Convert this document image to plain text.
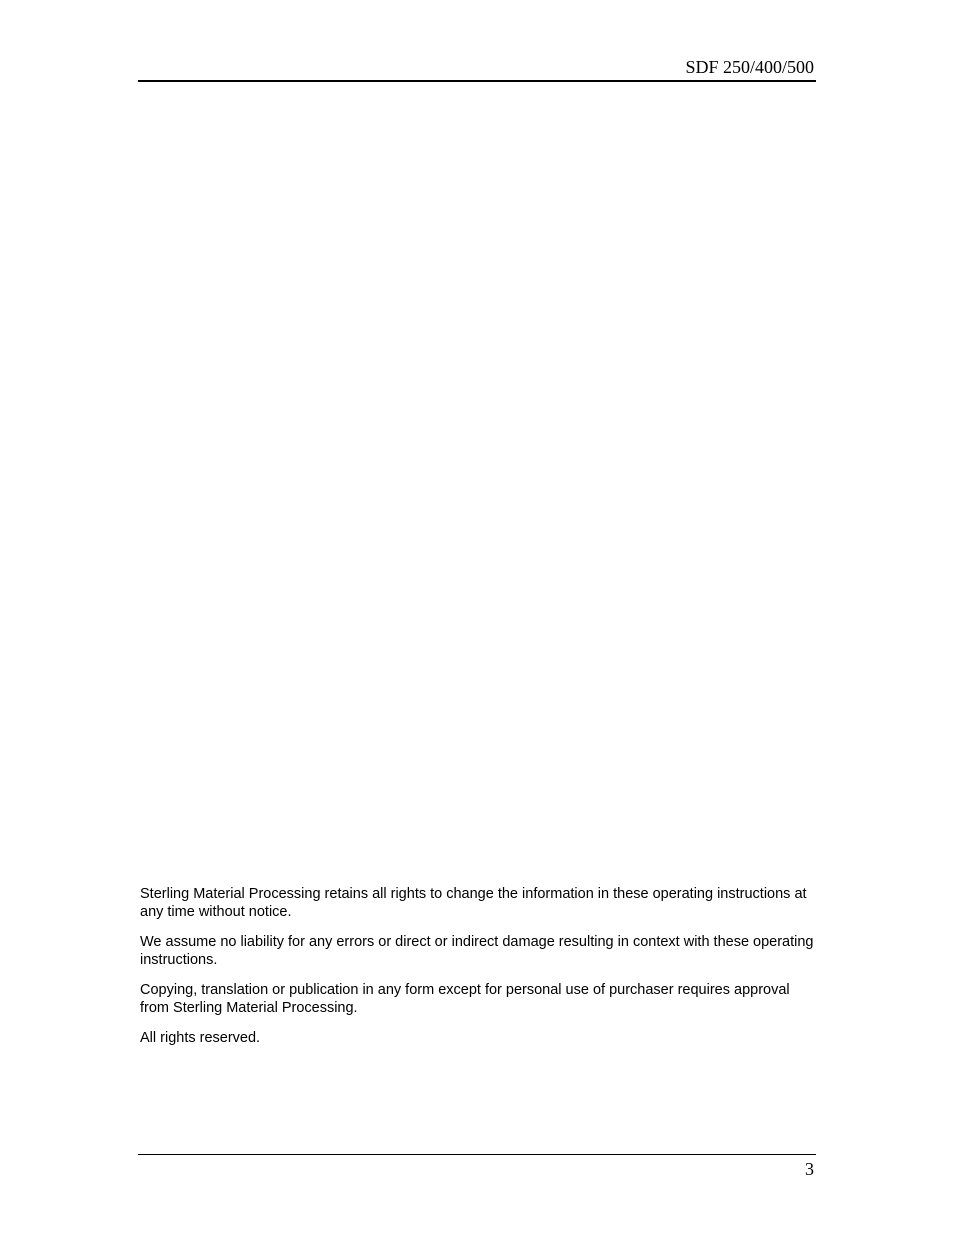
SDF 250/400/500

Sterling Material Processing retains all rights to change the information in these operating instructions at any time without notice.

We assume no liability for any errors or direct or indirect damage resulting in context with these operating instructions.

Copying, translation or publication in any form except for personal use of purchaser requires approval from Sterling Material Processing.

All rights reserved.

3
